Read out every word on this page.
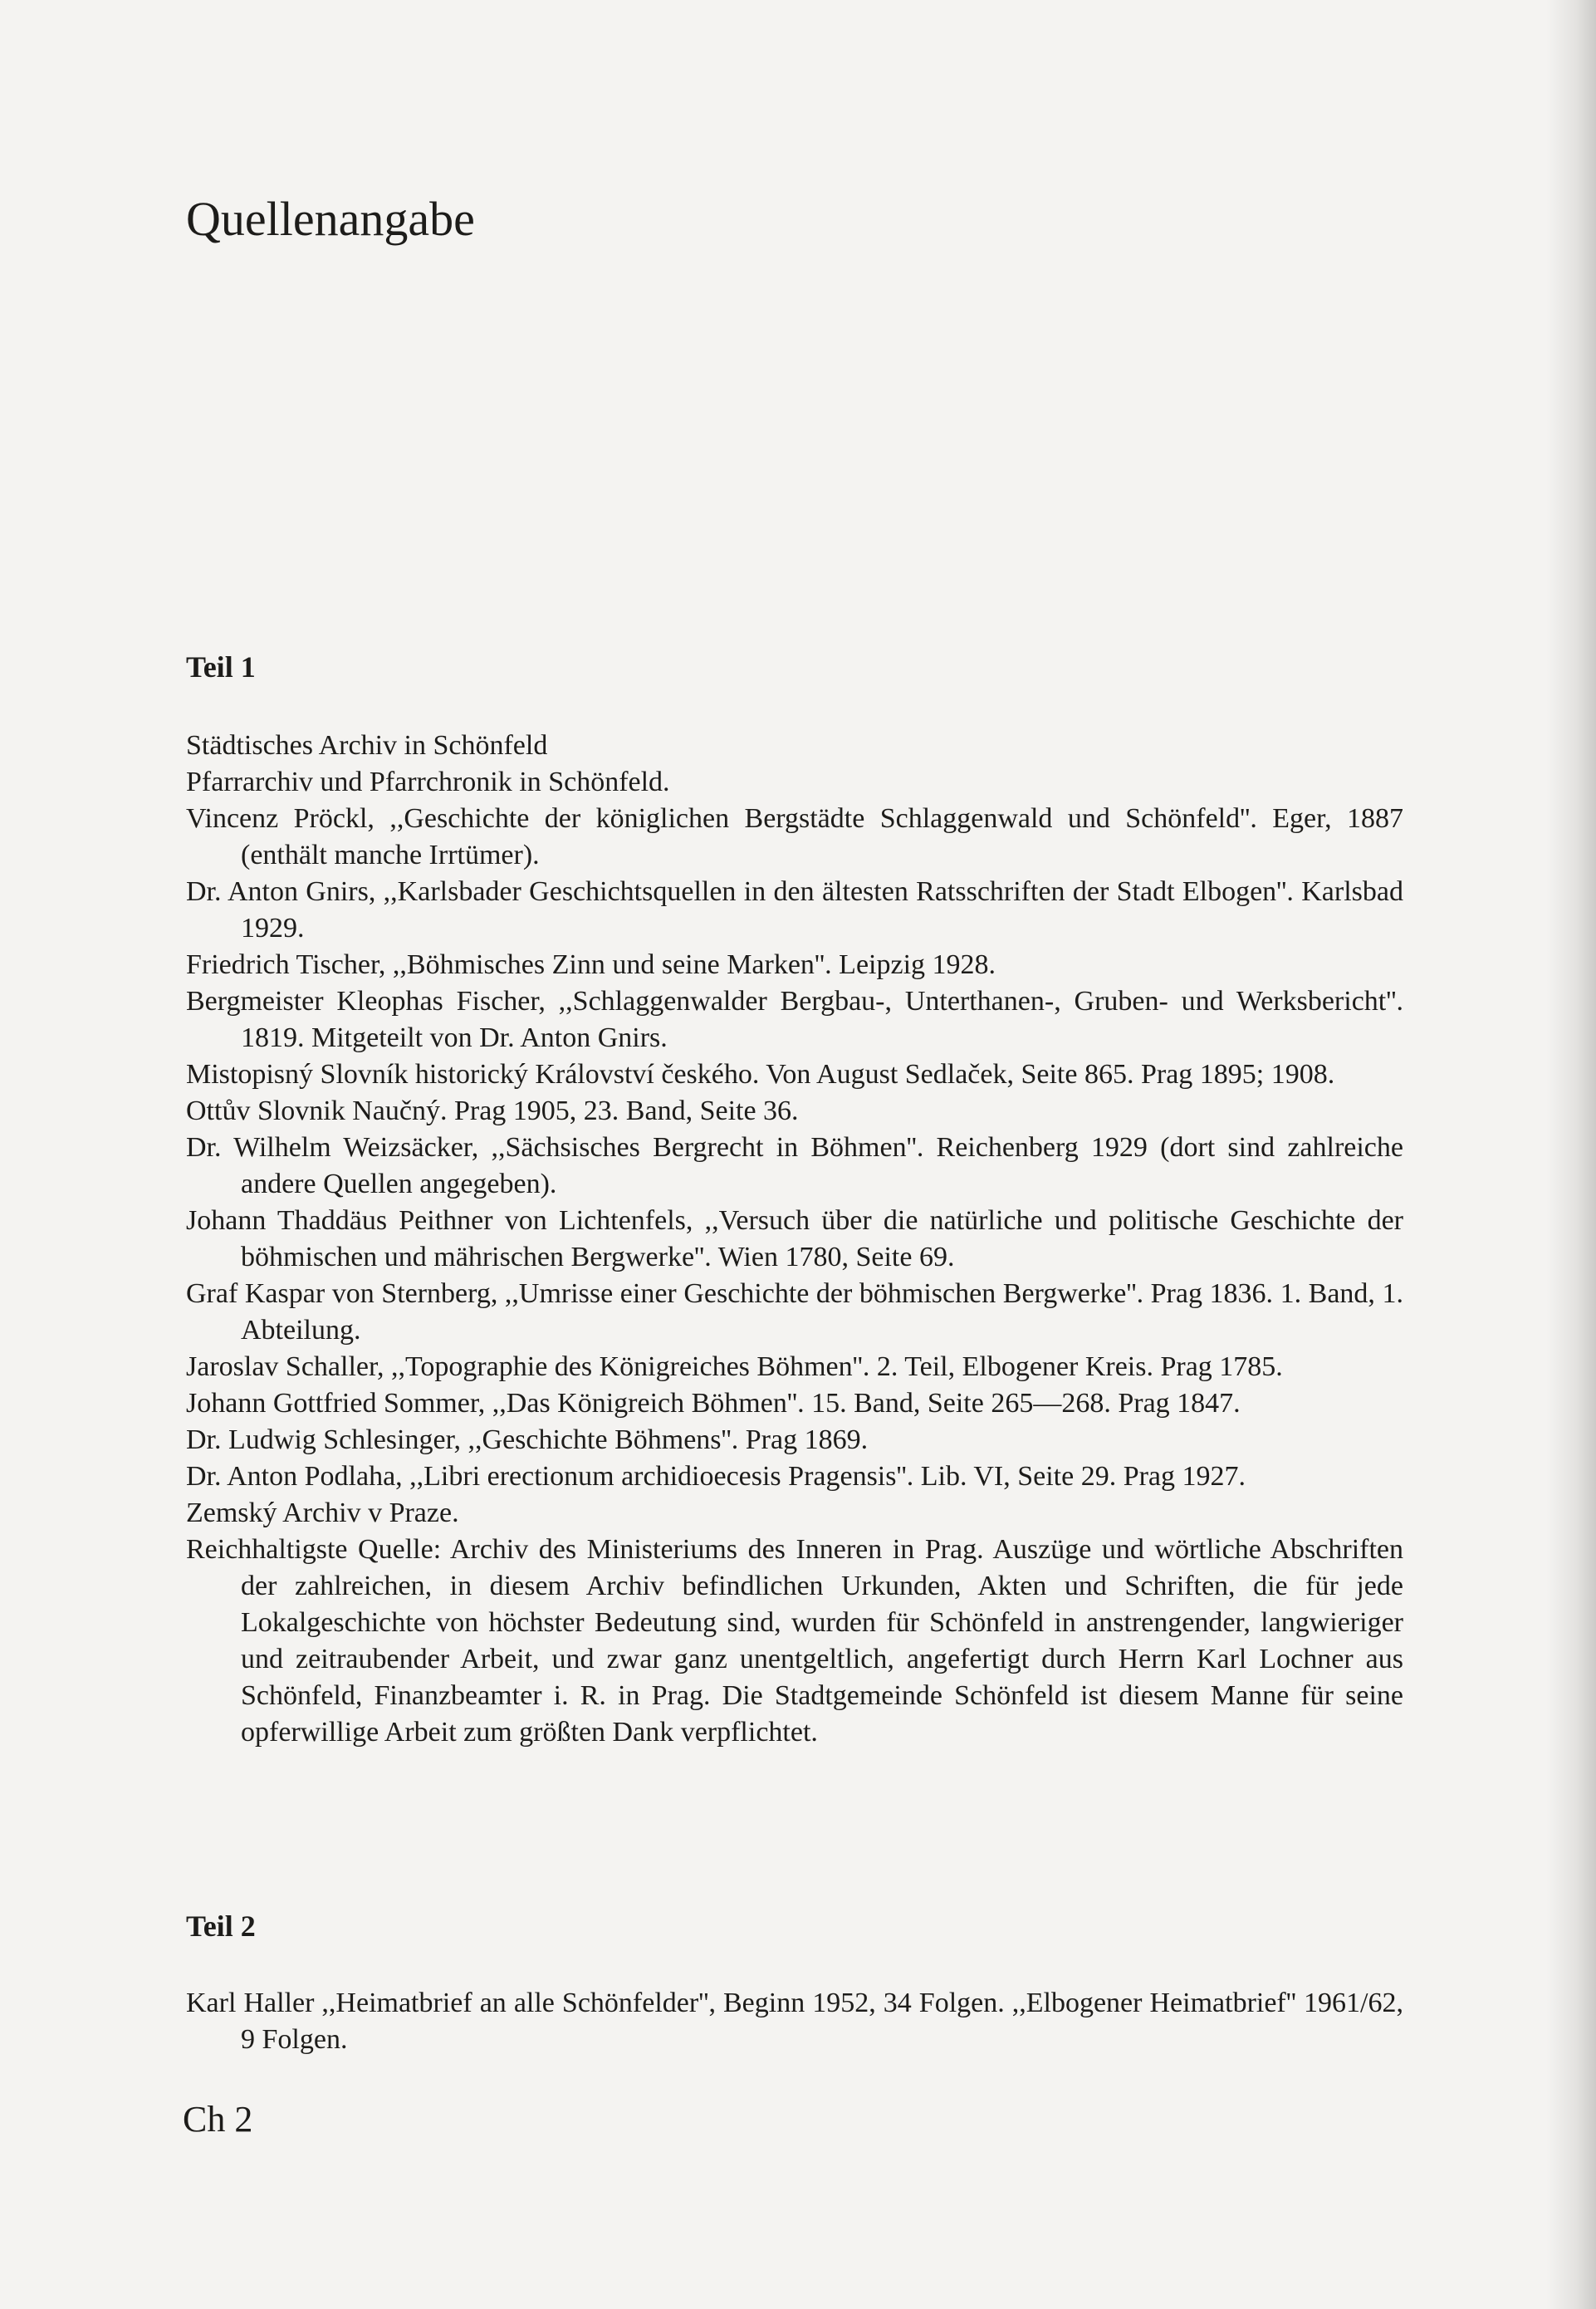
Quellenangabe
Teil 1
Städtisches Archiv in Schönfeld
Pfarrarchiv und Pfarrchronik in Schönfeld.
Vincenz Pröckl, ,,Geschichte der königlichen Bergstädte Schlaggenwald und Schönfeld''. Eger, 1887 (enthält manche Irrtümer).
Dr. Anton Gnirs, ,,Karlsbader Geschichtsquellen in den ältesten Ratsschriften der Stadt Elbogen''. Karlsbad 1929.
Friedrich Tischer, ,,Böhmisches Zinn und seine Marken''. Leipzig 1928.
Bergmeister Kleophas Fischer, ,,Schlaggenwalder Bergbau-, Unterthanen-, Gruben- und Werksbericht''. 1819. Mitgeteilt von Dr. Anton Gnirs.
Mistopisný Slovník historický Království českého. Von August Sedlaček, Seite 865. Prag 1895; 1908.
Ottův Slovnik Naučný. Prag 1905, 23. Band, Seite 36.
Dr. Wilhelm Weizsäcker, ,,Sächsisches Bergrecht in Böhmen''. Reichenberg 1929 (dort sind zahlreiche andere Quellen angegeben).
Johann Thaddäus Peithner von Lichtenfels, ,,Versuch über die natürliche und politische Geschichte der böhmischen und mährischen Bergwerke''. Wien 1780, Seite 69.
Graf Kaspar von Sternberg, ,,Umrisse einer Geschichte der böhmischen Bergwerke''. Prag 1836. 1. Band, 1. Abteilung.
Jaroslav Schaller, ,,Topographie des Königreiches Böhmen''. 2. Teil, Elbogener Kreis. Prag 1785.
Johann Gottfried Sommer, ,,Das Königreich Böhmen''. 15. Band, Seite 265—268. Prag 1847.
Dr. Ludwig Schlesinger, ,,Geschichte Böhmens''. Prag 1869.
Dr. Anton Podlaha, ,,Libri erectionum archidioecesis Pragensis''. Lib. VI, Seite 29. Prag 1927.
Zemský Archiv v Praze.
Reichhaltigste Quelle: Archiv des Ministeriums des Inneren in Prag. Auszüge und wörtliche Abschriften der zahlreichen, in diesem Archiv befindlichen Urkunden, Akten und Schriften, die für jede Lokalgeschichte von höchster Bedeutung sind, wurden für Schönfeld in anstrengender, langwieriger und zeitraubender Arbeit, und zwar ganz unentgeltlich, angefertigt durch Herrn Karl Lochner aus Schönfeld, Finanzbeamter i. R. in Prag. Die Stadtgemeinde Schönfeld ist diesem Manne für seine opferwillige Arbeit zum größten Dank verpflichtet.
Teil 2
Karl Haller ,,Heimatbrief an alle Schönfelder'', Beginn 1952, 34 Folgen. ,,Elbogener Heimatbrief'' 1961/62, 9 Folgen.

Ch 2
